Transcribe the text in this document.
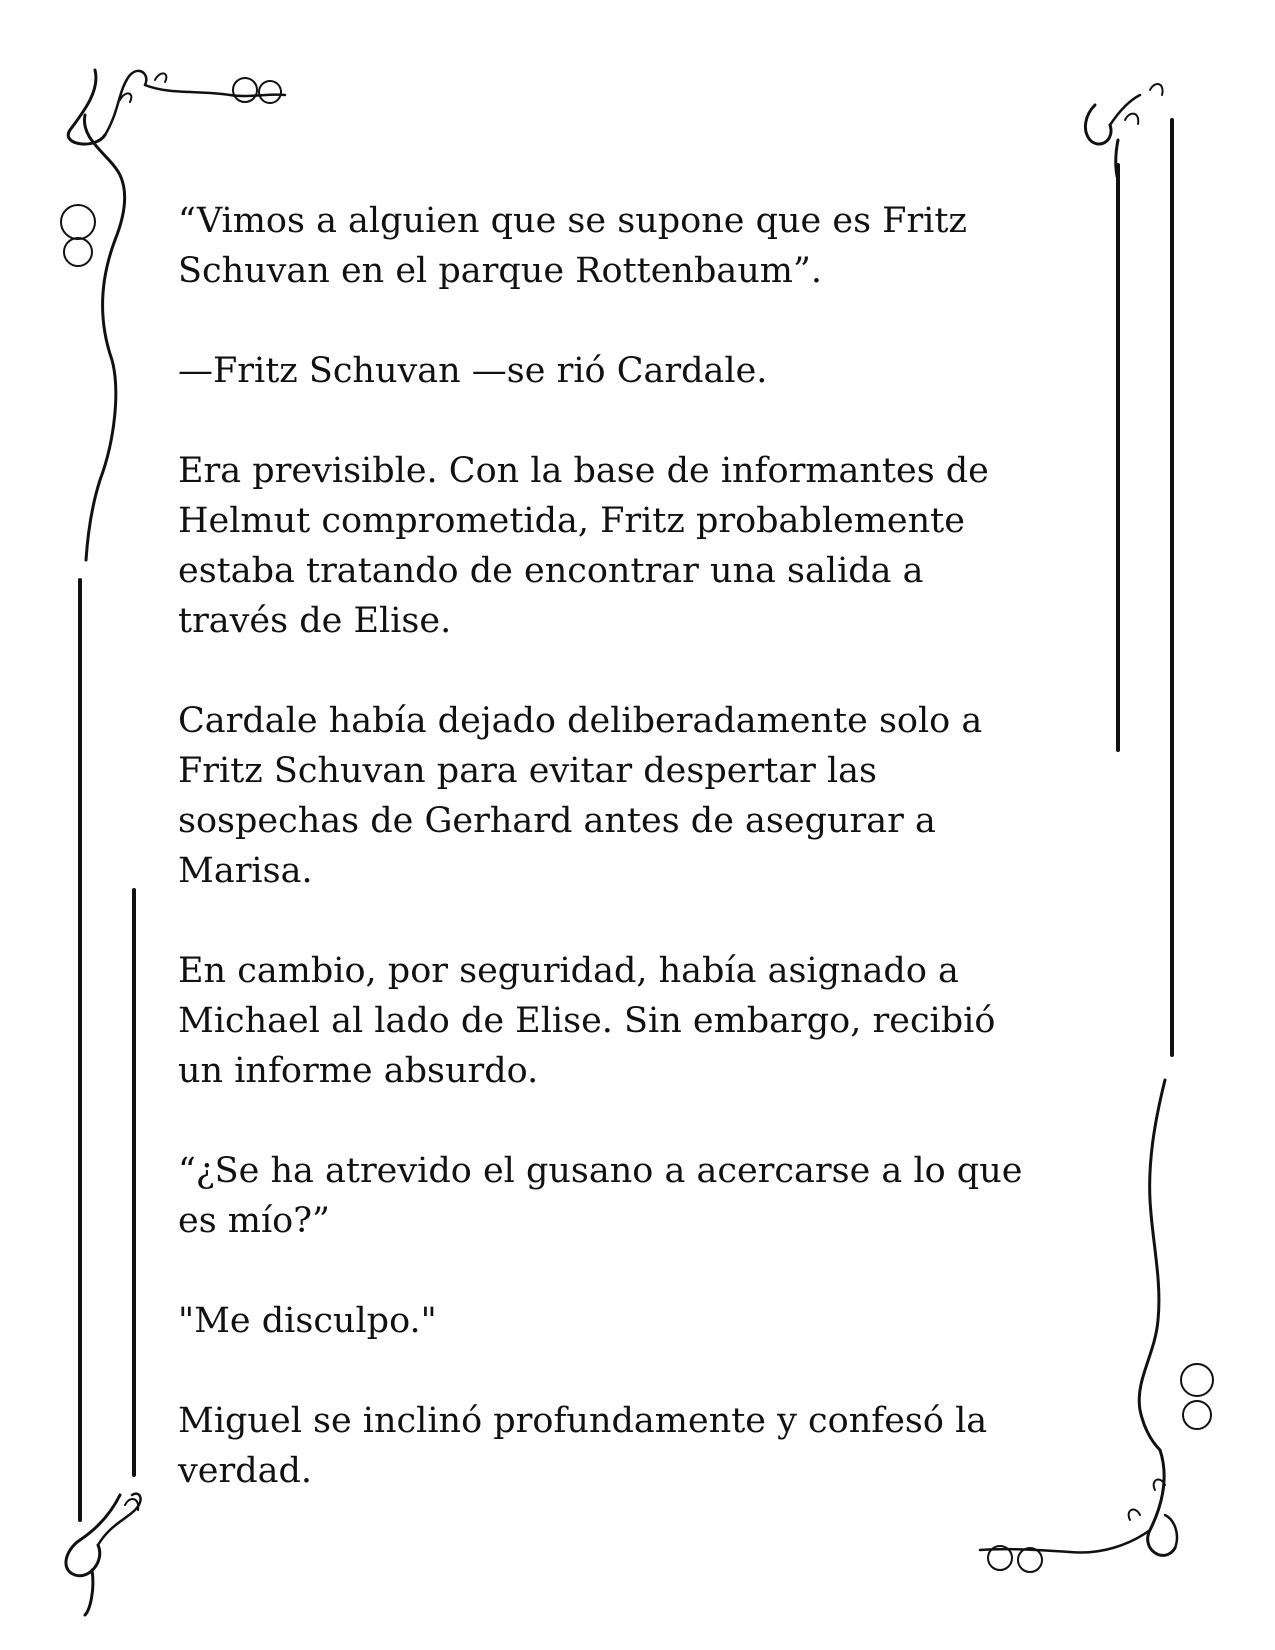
“Vimos a alguien que se supone que es Fritz
Schuvan en el parque Rottenbaum”.

—Fritz Schuvan —se rió Cardale.

Era previsible. Con la base de informantes de
Helmut comprometida, Fritz probablemente
estaba tratando de encontrar una salida a
través de Elise.

Cardale había dejado deliberadamente solo a
Fritz Schuvan para evitar despertar las
sospechas de Gerhard antes de asegurar a
Marisa.

En cambio, por seguridad, había asignado a
Michael al lado de Elise. Sin embargo, recibió
un informe absurdo.

“¿Se ha atrevido el gusano a acercarse a lo que
es mío?”

"Me disculpo."

Miguel se inclinó profundamente y confesó la
verdad.
